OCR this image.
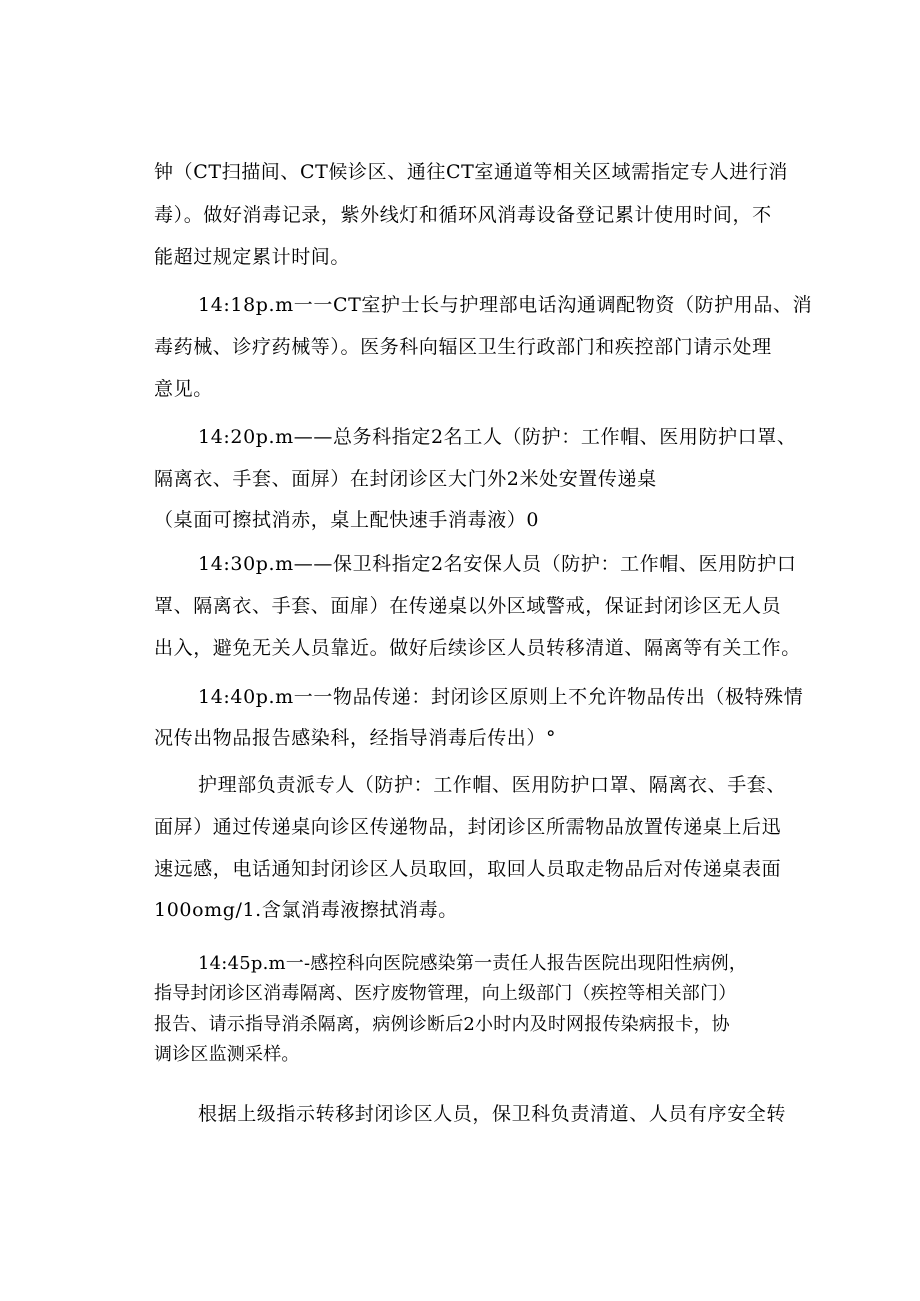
钟（CT扫描间、CT候诊区、通往CT室通道等相关区域需指定专人进行消
毒）。做好消毒记录，紫外线灯和循环风消毒设备登记累计使用时间，不
能超过规定累计时间。
14:18p.m一一CT室护士长与护理部电话沟通调配物资（防护用品、消
毒药械、诊疗药械等）。医务科向辐区卫生行政部门和疾控部门请示处理
意见。
14:20p.m——总务科指定2名工人（防护：工作帽、医用防护口罩、
隔离衣、手套、面屏）在封闭诊区大门外2米处安置传递桌
（桌面可擦拭消赤，桌上配快速手消毒液）0
14:30p.m——保卫科指定2名安保人员（防护：工作帽、医用防护口
罩、隔离衣、手套、面扉）在传递桌以外区域警戒，保证封闭诊区无人员
出入，避免无关人员靠近。做好后续诊区人员转移清道、隔离等有关工作。
14:40p.m一一物品传递：封闭诊区原则上不允许物品传出（极特殊情
况传出物品报告感染科，经指导消毒后传出）°
护理部负责派专人（防护：工作帽、医用防护口罩、隔离衣、手套、
面屏）通过传递桌向诊区传递物品，封闭诊区所需物品放置传递桌上后迅
速远感，电话通知封闭诊区人员取回，取回人员取走物品后对传递桌表面
100omg/1.含氯消毒液擦拭消毒。
14:45p.m一-感控科向医院感染第一责任人报告医院出现阳性病例，
指导封闭诊区消毒隔离、医疗废物管理，向上级部门（疾控等相关部门）
报告、请示指导消杀隔离，病例诊断后2小时内及时网报传染病报卡，协
调诊区监测采样。
根据上级指示转移封闭诊区人员，保卫科负责清道、人员有序安全转
